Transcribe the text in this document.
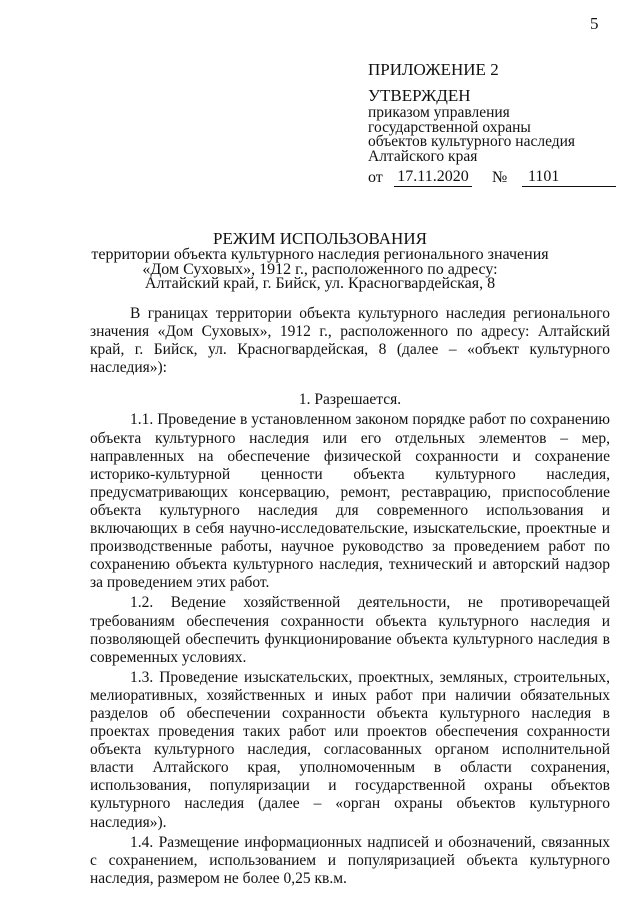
5
ПРИЛОЖЕНИЕ 2
УТВЕРЖДЕН
приказом управления
государственной охраны
объектов культурного наследия
Алтайского края
от 17.11.2020 №	1101
РЕЖИМ ИСПОЛЬЗОВАНИЯ
территории объекта культурного наследия регионального значения
«Дом Суховых», 1912 г., расположенного по адресу:
Алтайский край, г. Бийск, ул. Красногвардейская, 8

В границах территории объекта культурного наследия регионального значения «Дом Суховых», 1912 г., расположенного по адресу: Алтайский край, г. Бийск, ул. Красногвардейская, 8 (далее – «объект культурного наследия»):

1. Разрешается.

1.1. Проведение в установленном законом порядке работ по сохранению объекта культурного наследия или его отдельных элементов – мер, направленных на обеспечение физической сохранности и сохранение историко-культурной ценности объекта культурного наследия, предусматривающих консервацию, ремонт, реставрацию, приспособление объекта культурного наследия для современного использования и включающих в себя научно-исследовательские, изыскательские, проектные и производственные работы, научное руководство за проведением работ по сохранению объекта культурного наследия, технический и авторский надзор за проведением этих работ.

1.2. Ведение хозяйственной деятельности, не противоречащей требованиям обеспечения сохранности объекта культурного наследия и позволяющей обеспечить функционирование объекта культурного наследия в современных условиях.

1.3. Проведение изыскательских, проектных, земляных, строительных, мелиоративных, хозяйственных и иных работ при наличии обязательных разделов об обеспечении сохранности объекта культурного наследия в проектах проведения таких работ или проектов обеспечения сохранности объекта культурного наследия, согласованных органом исполнительной власти Алтайского края, уполномоченным в области сохранения, использования, популяризации и государственной охраны объектов культурного наследия (далее – «орган охраны объектов культурного наследия»).

1.4. Размещение информационных надписей и обозначений, связанных с сохранением, использованием и популяризацией объекта культурного наследия, размером не более 0,25 кв.м.
